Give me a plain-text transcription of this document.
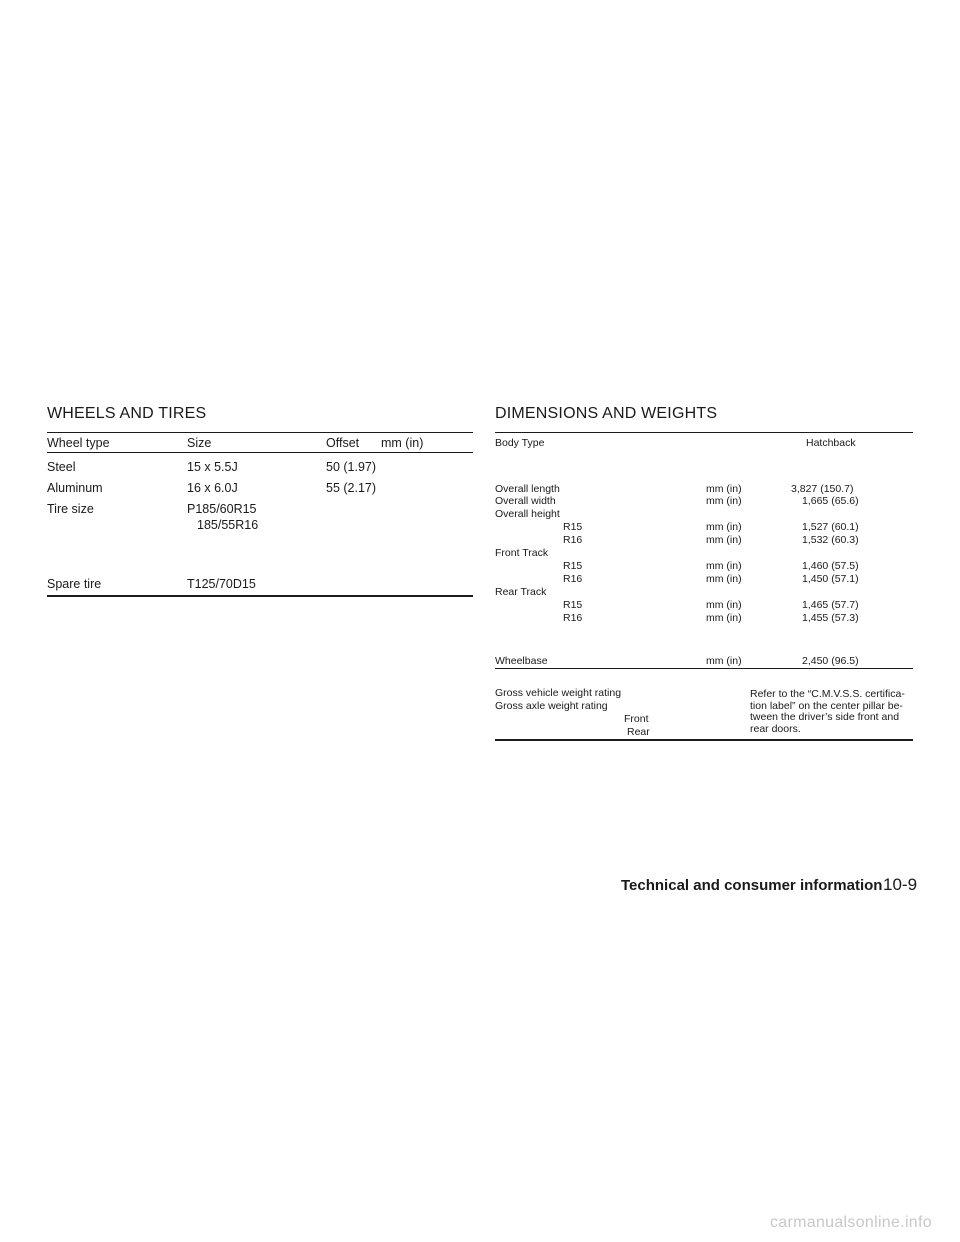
WHEELS AND TIRES
Wheel type	Size	Offset mm (in)
Steel	15 x 5.5J	50 (1.97)
Aluminum	16 x 6.0J	55 (2.17)
Tire size	P185/60R15
185/55R16
Spare tire	T125/70D15
DIMENSIONS AND WEIGHTS
Body Type	Hatchback
Overall length	mm (in)	3,827 (150.7)
Overall width	mm (in)	1,665 (65.6)
Overall height
R15	mm (in)	1,527 (60.1)
R16	mm (in)	1,532 (60.3)
Front Track
R15	mm (in)	1,460 (57.5)
R16	mm (in)	1,450 (57.1)
Rear Track
R15	mm (in)	1,465 (57.7)
R16	mm (in)	1,455 (57.3)
Wheelbase	mm (in)	2,450 (96.5)
Gross vehicle weight rating
Gross axle weight rating
Front
Rear
Refer to the “C.M.V.S.S. certifica- tion label” on the center pillar be- tween the driver’s side front and rear doors.
Technical and consumer information 10-9
carmanualsonline.info
